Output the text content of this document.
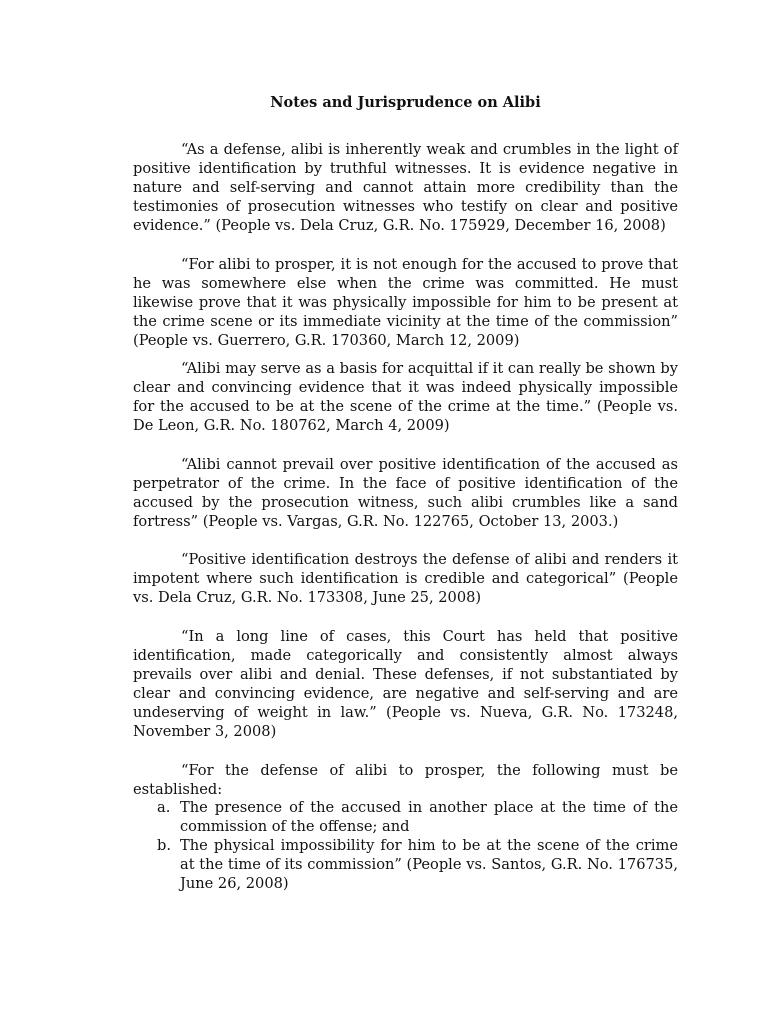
Notes and Jurisprudence on Alibi

“As a defense, alibi is inherently weak and crumbles in the light of positive identification by truthful witnesses. It is evidence negative in nature and self-serving and cannot attain more credibility than the testimonies of prosecution witnesses who testify on clear and positive evidence.” (People vs. Dela Cruz, G.R. No. 175929, December 16, 2008)

“For alibi to prosper, it is not enough for the accused to prove that he was somewhere else when the crime was committed. He must likewise prove that it was physically impossible for him to be present at the crime scene or its immediate vicinity at the time of the commission” (People vs. Guerrero, G.R. 170360, March 12, 2009)

“Alibi may serve as a basis for acquittal if it can really be shown by clear and convincing evidence that it was indeed physically impossible for the accused to be at the scene of the crime at the time.” (People vs. De Leon, G.R. No. 180762, March 4, 2009)

“Alibi cannot prevail over positive identification of the accused as perpetrator of the crime. In the face of positive identification of the accused by the prosecution witness, such alibi crumbles like a sand fortress” (People vs. Vargas, G.R. No. 122765, October 13, 2003.)

“Positive identification destroys the defense of alibi and renders it impotent where such identification is credible and categorical” (People vs. Dela Cruz, G.R. No. 173308, June 25, 2008)

“In a long line of cases, this Court has held that positive identification, made categorically and consistently almost always prevails over alibi and denial. These defenses, if not substantiated by clear and convincing evidence, are negative and self-serving and are undeserving of weight in law.” (People vs. Nueva, G.R. No. 173248, November 3, 2008)

“For the defense of alibi to prosper, the following must be established:

a. The presence of the accused in another place at the time of the commission of the offense; and
b. The physical impossibility for him to be at the scene of the crime at the time of its commission” (People vs. Santos, G.R. No. 176735, June 26, 2008)
